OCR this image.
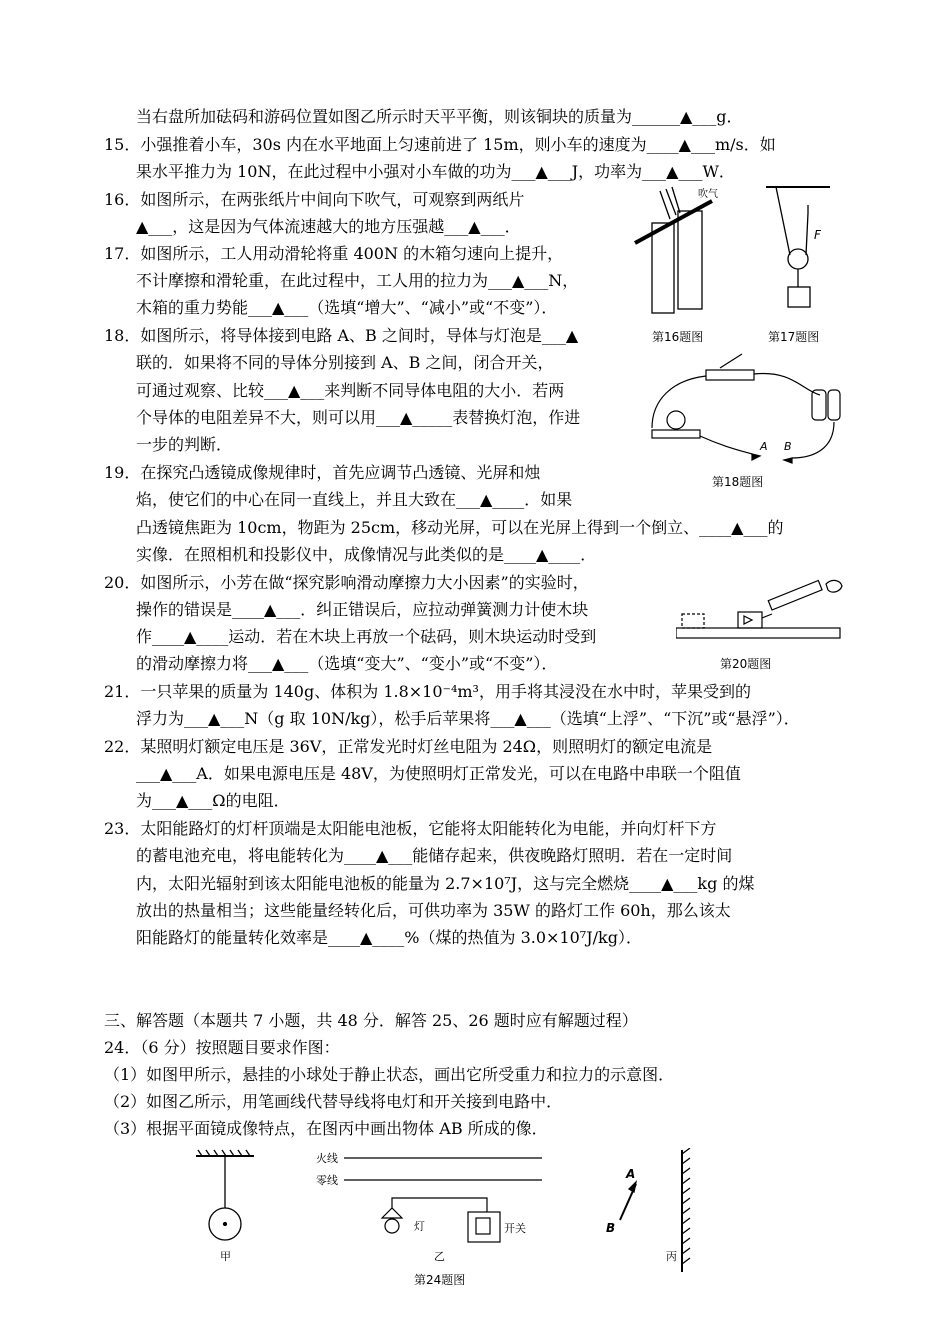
当右盘所加砝码和游码位置如图乙所示时天平平衡，则该铜块的质量为______▲___g．
15．小强推着小车，30s 内在水平地面上匀速前进了 15m，则小车的速度为____▲___m/s．如
果水平推力为 10N，在此过程中小强对小车做的功为___▲___J，功率为___▲___W．
16．如图所示，在两张纸片中间向下吹气，可观察到两纸片
▲___，这是因为气体流速越大的地方压强越___▲___．
17．如图所示，工人用动滑轮将重 400N 的木箱匀速向上提升，
不计摩擦和滑轮重，在此过程中，工人用的拉力为___▲___N，
木箱的重力势能___▲___（选填“增大”、“减小”或“不变”）．
18．如图所示，将导体接到电路 A、B 之间时，导体与灯泡是___▲
联的．如果将不同的导体分别接到 A、B 之间，闭合开关，
可通过观察、比较___▲___来判断不同导体电阻的大小．若两
个导体的电阻差异不大，则可以用___▲_____表替换灯泡，作进
一步的判断．
19．在探究凸透镜成像规律时，首先应调节凸透镜、光屏和烛
焰，使它们的中心在同一直线上，并且大致在___▲____．如果
凸透镜焦距为 10cm，物距为 25cm，移动光屏，可以在光屏上得到一个倒立、____▲___的
实像．在照相机和投影仪中，成像情况与此类似的是____▲____．
20．如图所示，小芳在做“探究影响滑动摩擦力大小因素”的实验时，
操作的错误是____▲___．纠正错误后，应拉动弹簧测力计使木块
作____▲____运动．若在木块上再放一个砝码，则木块运动时受到
的滑动摩擦力将___▲___（选填“变大”、“变小”或“不变”）．
21．一只苹果的质量为 140g、体积为 1.8×10⁻⁴m³，用手将其浸没在水中时，苹果受到的
浮力为___▲___N（g 取 10N/kg），松手后苹果将___▲___（选填“上浮”、“下沉”或“悬浮”）．
22．某照明灯额定电压是 36V，正常发光时灯丝电阻为 24Ω，则照明灯的额定电流是
___▲___A．如果电源电压是 48V，为使照明灯正常发光，可以在电路中串联一个阻值
为___▲___Ω的电阻．
23．太阳能路灯的灯杆顶端是太阳能电池板，它能将太阳能转化为电能，并向灯杆下方
的蓄电池充电，将电能转化为____▲___能储存起来，供夜晚路灯照明．若在一定时间
内，太阳光辐射到该太阳能电池板的能量为 2.7×10⁷J，这与完全燃烧____▲___kg 的煤
放出的热量相当；这些能量经转化后，可供功率为 35W 的路灯工作 60h，那么该太
阳能路灯的能量转化效率是____▲____%（煤的热值为 3.0×10⁷J/kg）．
三、解答题（本题共 7 小题，共 48 分．解答 25、26 题时应有解题过程）
24．（6 分）按照题目要求作图：
（1）如图甲所示，悬挂的小球处于静止状态，画出它所受重力和拉力的示意图．
（2）如图乙所示，用笔画线代替导线将电灯和开关接到电路中．
（3）根据平面镜成像特点，在图丙中画出物体 AB 所成的像．
吹气
F
第16题图	第17题图
A B
第18题图
第20题图
甲
火线
零线
灯	开关
乙
A
B
丙
第24题图
